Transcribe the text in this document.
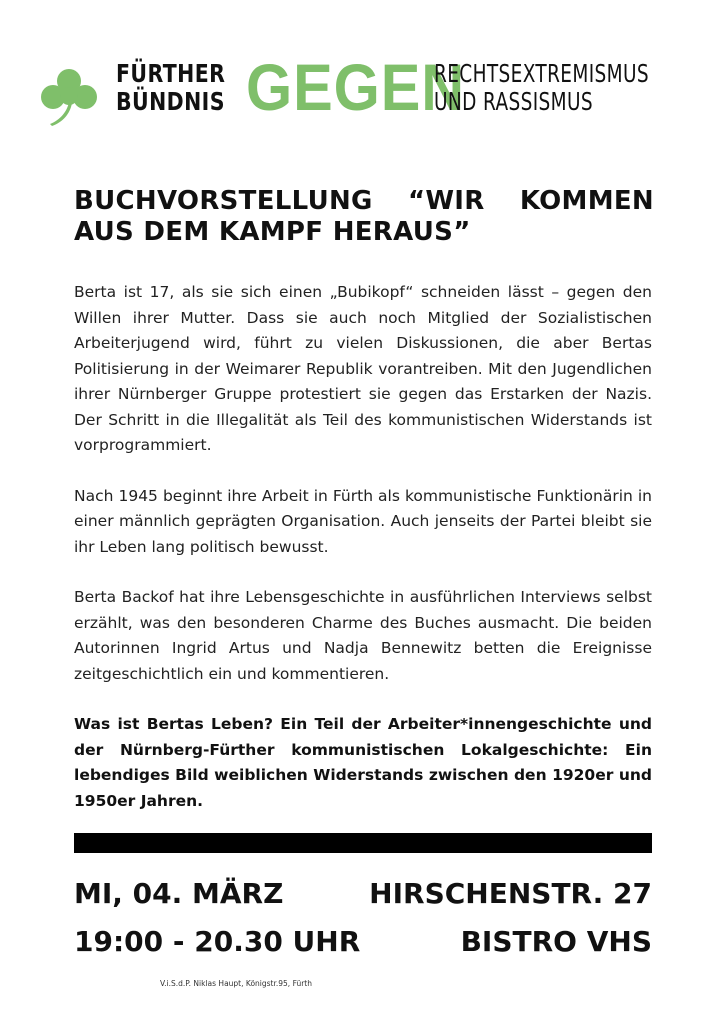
FÜRTHER
BÜNDNIS GEGEN
RECHTSEXTREMISMUS
UND RASSISMUS
BUCHVORSTELLUNG “WIR KOMMEN
AUS DEM KAMPF HERAUS”

Berta ist 17, als sie sich einen „Bubikopf“ schneiden lässt – gegen den Willen ihrer Mutter. Dass sie auch noch Mitglied der Sozialistischen Arbeiterjugend wird, führt zu vielen Diskussionen, die aber Bertas Politisierung in der Weimarer Republik vorantreiben. Mit den Jugendlichen ihrer Nürnberger Gruppe protestiert sie gegen das Erstarken der Nazis. Der Schritt in die Illegalität als Teil des kommunistischen Widerstands ist vorprogrammiert.

Nach 1945 beginnt ihre Arbeit in Fürth als kommunistische Funktionärin in einer männlich geprägten Organisation. Auch jenseits der Partei bleibt sie ihr Leben lang politisch bewusst.

Berta Backof hat ihre Lebensgeschichte in ausführlichen Interviews selbst erzählt, was den besonderen Charme des Buches ausmacht. Die beiden Autorinnen Ingrid Artus und Nadja Bennewitz betten die Ereignisse zeitgeschichtlich ein und kommentieren.

Was ist Bertas Leben? Ein Teil der Arbeiter*innengeschichte und der Nürnberg-Fürther kommunistischen Lokalgeschichte: Ein lebendiges Bild weiblichen Widerstands zwischen den 1920er und 1950er Jahren.

MI, 04. MÄRZ	HIRSCHENSTR. 27
19:00 - 20.30 UHR	BISTRO VHS
V.i.S.d.P. Niklas Haupt, Königstr.95, Fürth
